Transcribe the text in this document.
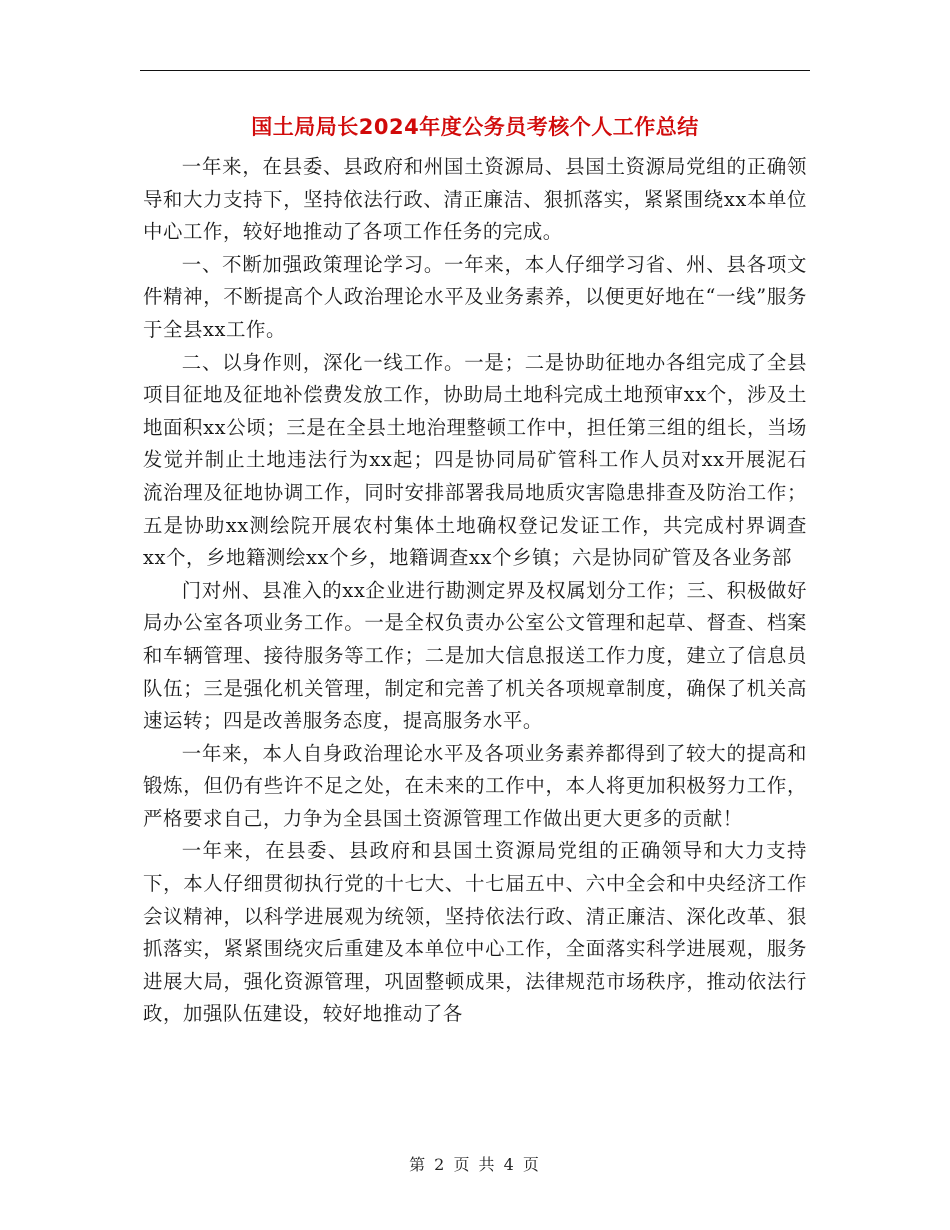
国土局局长2024年度公务员考核个人工作总结

一年来，在县委、县政府和州国土资源局、县国土资源局党组的正确领导和大力支持下，坚持依法行政、清正廉洁、狠抓落实，紧紧围绕xx本单位中心工作，较好地推动了各项工作任务的完成。

一、不断加强政策理论学习。一年来，本人仔细学习省、州、县各项文件精神，不断提高个人政治理论水平及业务素养，以便更好地在“一线”服务于全县xx工作。

二、以身作则，深化一线工作。一是；二是协助征地办各组完成了全县项目征地及征地补偿费发放工作，协助局土地科完成土地预审xx个，涉及土地面积xx公顷；三是在全县土地治理整顿工作中，担任第三组的组长，当场发觉并制止土地违法行为xx起；四是协同局矿管科工作人员对xx开展泥石流治理及征地协调工作，同时安排部署我局地质灾害隐患排查及防治工作；五是协助xx测绘院开展农村集体土地确权登记发证工作，共完成村界调查xx个，乡地籍测绘xx个乡，地籍调查xx个乡镇；六是协同矿管及各业务部

门对州、县准入的xx企业进行勘测定界及权属划分工作；三、积极做好局办公室各项业务工作。一是全权负责办公室公文管理和起草、督查、档案和车辆管理、接待服务等工作；二是加大信息报送工作力度，建立了信息员队伍；三是强化机关管理，制定和完善了机关各项规章制度，确保了机关高速运转；四是改善服务态度，提高服务水平。

一年来，本人自身政治理论水平及各项业务素养都得到了较大的提高和锻炼，但仍有些许不足之处，在未来的工作中，本人将更加积极努力工作，严格要求自己，力争为全县国土资源管理工作做出更大更多的贡献！

一年来，在县委、县政府和县国土资源局党组的正确领导和大力支持下，本人仔细贯彻执行党的十七大、十七届五中、六中全会和中央经济工作会议精神，以科学进展观为统领，坚持依法行政、清正廉洁、深化改革、狠抓落实，紧紧围绕灾后重建及本单位中心工作，全面落实科学进展观，服务进展大局，强化资源管理，巩固整顿成果，法律规范市场秩序，推动依法行政，加强队伍建设，较好地推动了各

第 2 页 共 4 页
